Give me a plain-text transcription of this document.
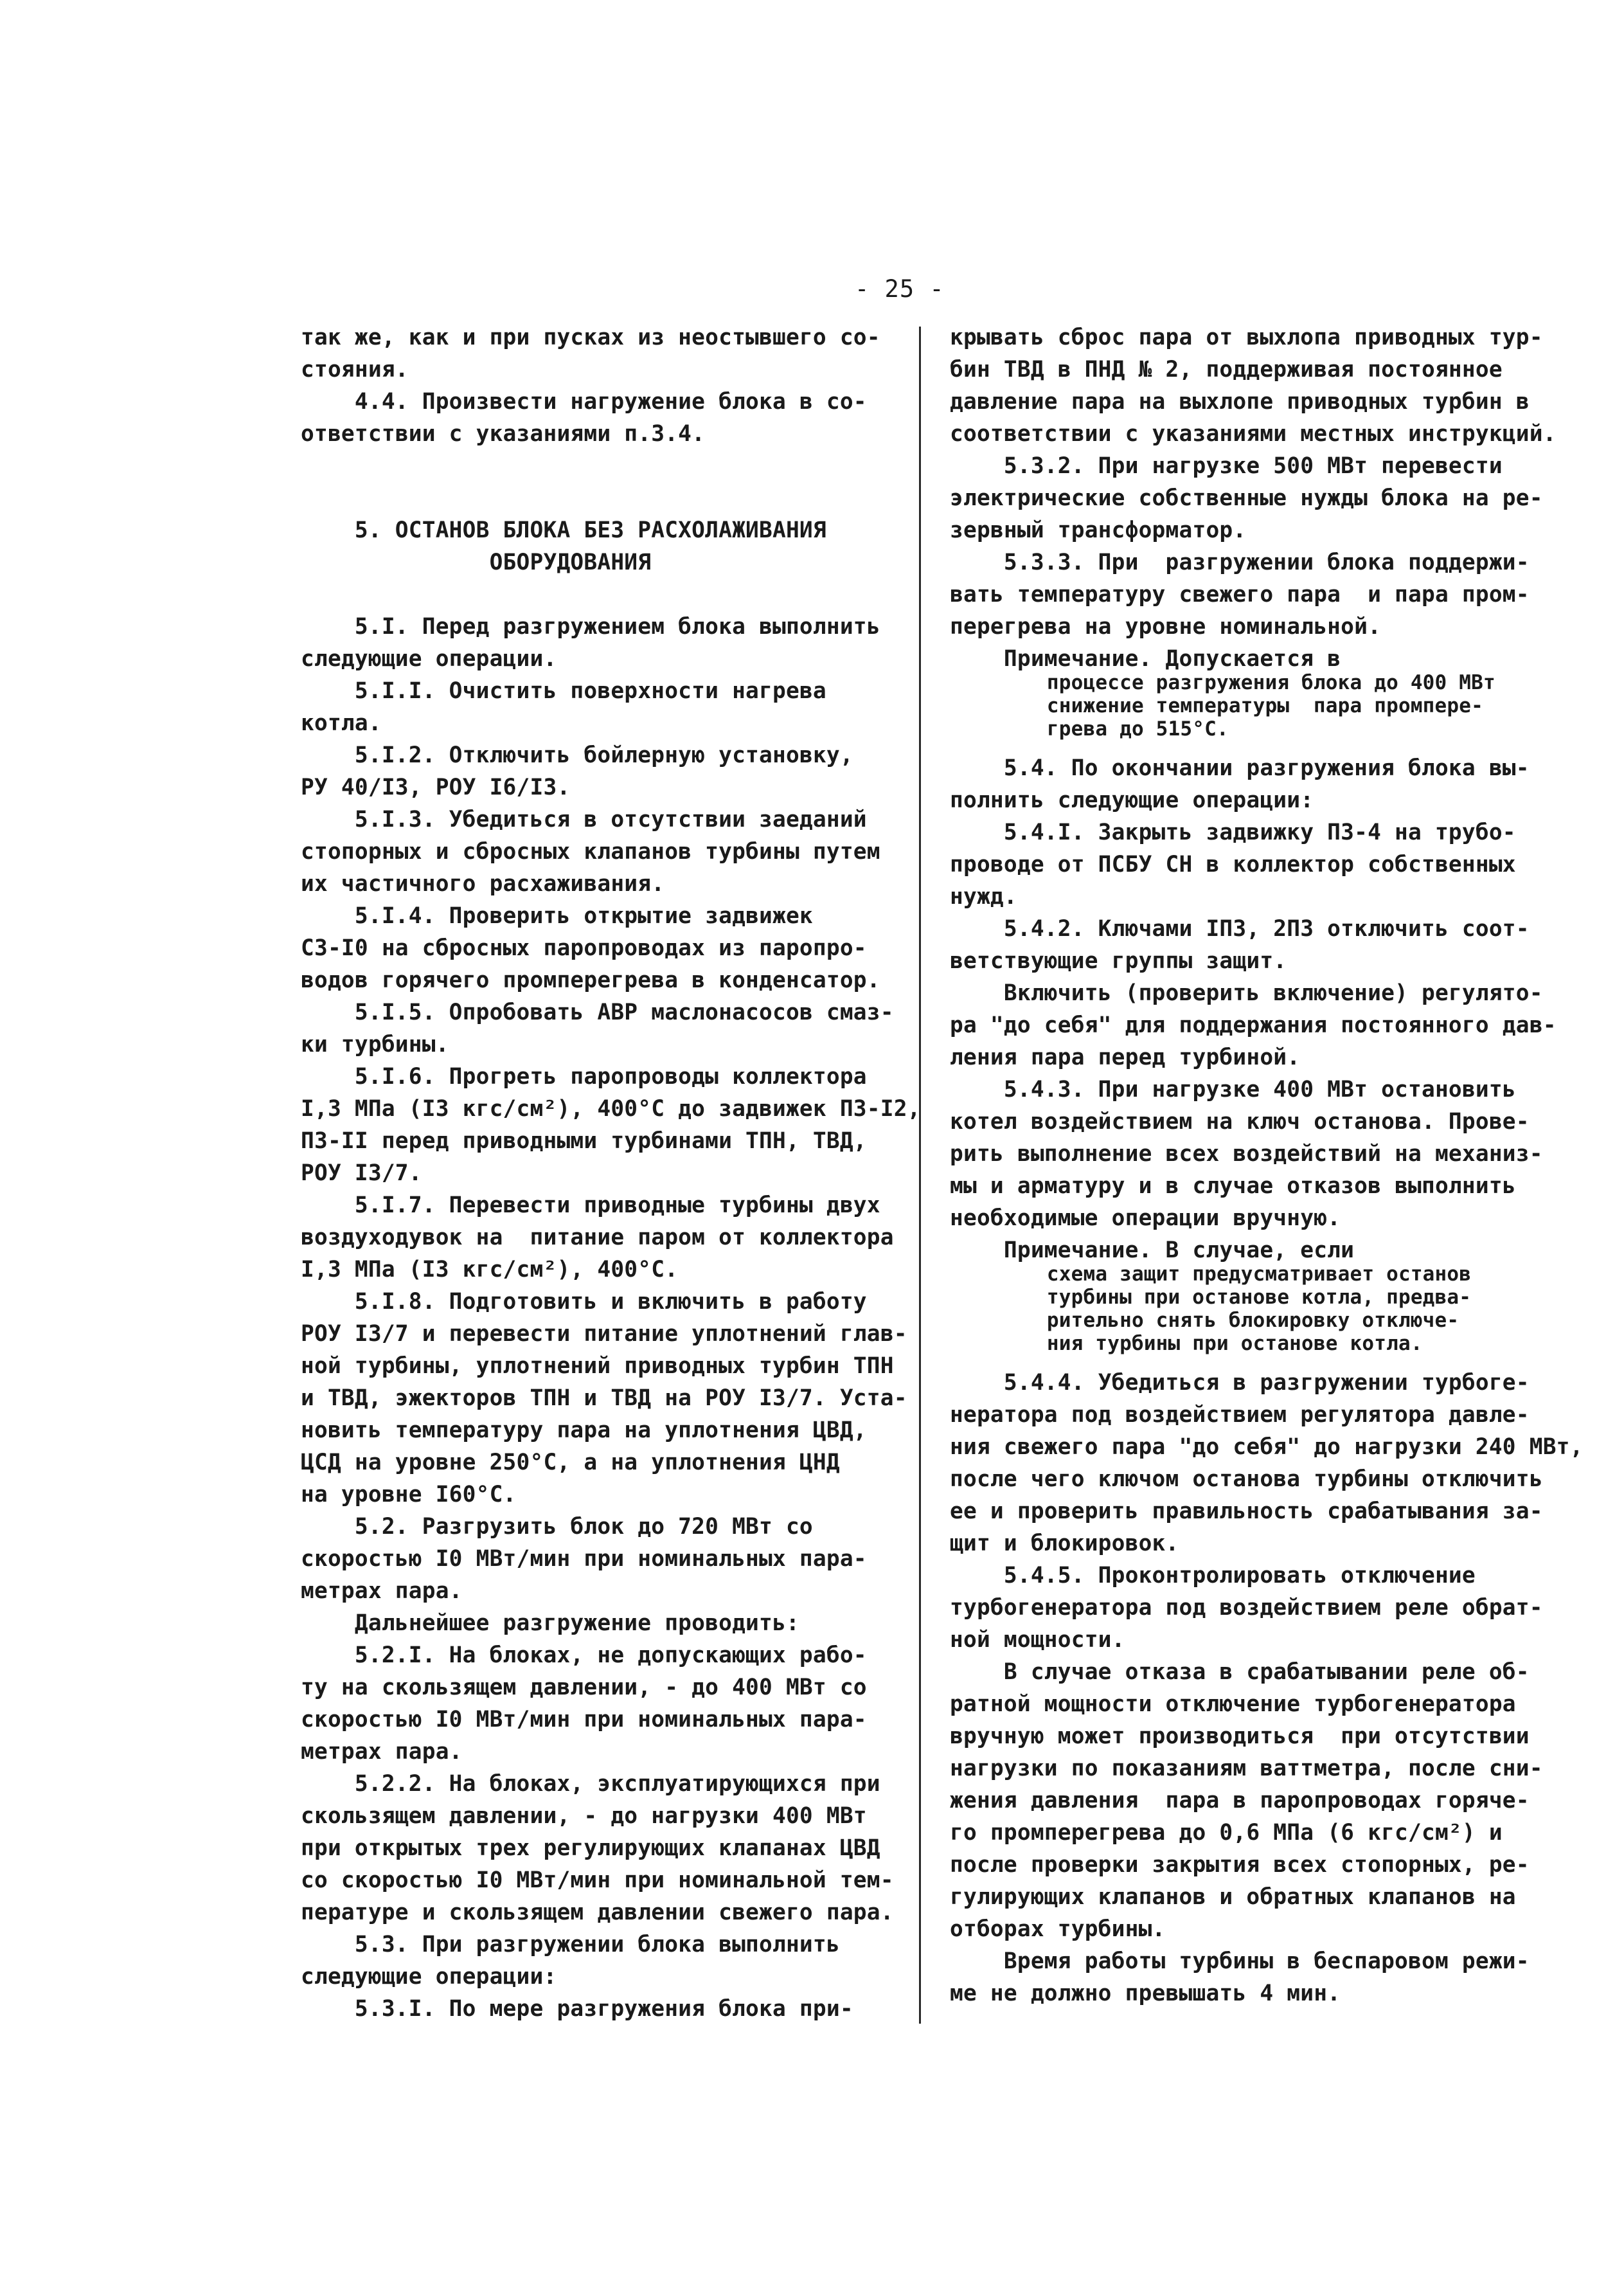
- 25 -
так же, как и при пусках из неостывшего со-
стояния.
4.4. Произвести нагружение блока в со-
ответствии с указаниями п.3.4.
5. ОСТАНОВ БЛОКА БЕЗ РАСХОЛАЖИВАНИЯ
ОБОРУДОВАНИЯ
5.I. Перед разгружением блока выполнить
следующие операции.
5.I.I. Очистить поверхности нагрева
котла.
5.I.2. Отключить бойлерную установку,
РУ 40/I3, РОУ I6/I3.
5.I.3. Убедиться в отсутствии заеданий
стопорных и сбросных клапанов турбины путем
их частичного расхаживания.
5.I.4. Проверить открытие задвижек
СЗ-I0 на сбросных паропроводах из паропро-
водов горячего промперегрева в конденсатор.
5.I.5. Опробовать АВР маслонасосов смаз-
ки турбины.
5.I.6. Прогреть паропроводы коллектора
I,3 МПа (I3 кгс/см²), 400°С до задвижек ПЗ-I2,
ПЗ-II перед приводными турбинами ТПН, ТВД,
РОУ I3/7.
5.I.7. Перевести приводные турбины двух
воздуходувок на  питание паром от коллектора
I,3 МПа (I3 кгс/см²), 400°С.
5.I.8. Подготовить и включить в работу
РОУ I3/7 и перевести питание уплотнений глав-
ной турбины, уплотнений приводных турбин ТПН
и ТВД, эжекторов ТПН и ТВД на РОУ I3/7. Уста-
новить температуру пара на уплотнения ЦВД,
ЦСД на уровне 250°С, а на уплотнения ЦНД
на уровне I60°С.
5.2. Разгрузить блок до 720 МВт со
скоростью I0 МВт/мин при номинальных пара-
метрах пара.
Дальнейшее разгружение проводить:
5.2.I. На блоках, не допускающих рабо-
ту на скользящем давлении, - до 400 МВт со
скоростью I0 МВт/мин при номинальных пара-
метрах пара.
5.2.2. На блоках, эксплуатирующихся при
скользящем давлении, - до нагрузки 400 МВт
при открытых трех регулирующих клапанах ЦВД
со скоростью I0 МВт/мин при номинальной тем-
пературе и скользящем давлении свежего пара.
5.3. При разгружении блока выполнить
следующие операции:
5.3.I. По мере разгружения блока при-
крывать сброс пара от выхлопа приводных тур-
бин ТВД в ПНД № 2, поддерживая постоянное
давление пара на выхлопе приводных турбин в
соответствии с указаниями местных инструкций.
5.3.2. При нагрузке 500 МВт перевести
электрические собственные нужды блока на ре-
зервный трансформатор.
5.3.3. При  разгружении блока поддержи-
вать температуру свежего пара  и пара пром-
перегрева на уровне номинальной.
Примечание. Допускается в
процессе разгружения блока до 400 МВт
снижение температуры  пара промпере-
грева до 515°С.
5.4. По окончании разгружения блока вы-
полнить следующие операции:
5.4.I. Закрыть задвижку ПЗ-4 на трубо-
проводе от ПСБУ СН в коллектор собственных
нужд.
5.4.2. Ключами IПЗ, 2ПЗ отключить соот-
ветствующие группы защит.
Включить (проверить включение) регулято-
ра "до себя" для поддержания постоянного дав-
ления пара перед турбиной.
5.4.3. При нагрузке 400 МВт остановить
котел воздействием на ключ останова. Прове-
рить выполнение всех воздействий на механиз-
мы и арматуру и в случае отказов выполнить
необходимые операции вручную.
Примечание. В случае, если
схема защит предусматривает останов
турбины при останове котла, предва-
рительно снять блокировку отключе-
ния турбины при останове котла.
5.4.4. Убедиться в разгружении турбоге-
нератора под воздействием регулятора давле-
ния свежего пара "до себя" до нагрузки 240 МВт,
после чего ключом останова турбины отключить
ее и проверить правильность срабатывания за-
щит и блокировок.
5.4.5. Проконтролировать отключение
турбогенератора под воздействием реле обрат-
ной мощности.
В случае отказа в срабатывании реле об-
ратной мощности отключение турбогенератора
вручную может производиться  при отсутствии
нагрузки по показаниям ваттметра, после сни-
жения давления  пара в паропроводах горяче-
го промперегрева до 0,6 МПа (6 кгс/см²) и
после проверки закрытия всех стопорных, ре-
гулирующих клапанов и обратных клапанов на
отборах турбины.
Время работы турбины в беспаровом режи-
ме не должно превышать 4 мин.
